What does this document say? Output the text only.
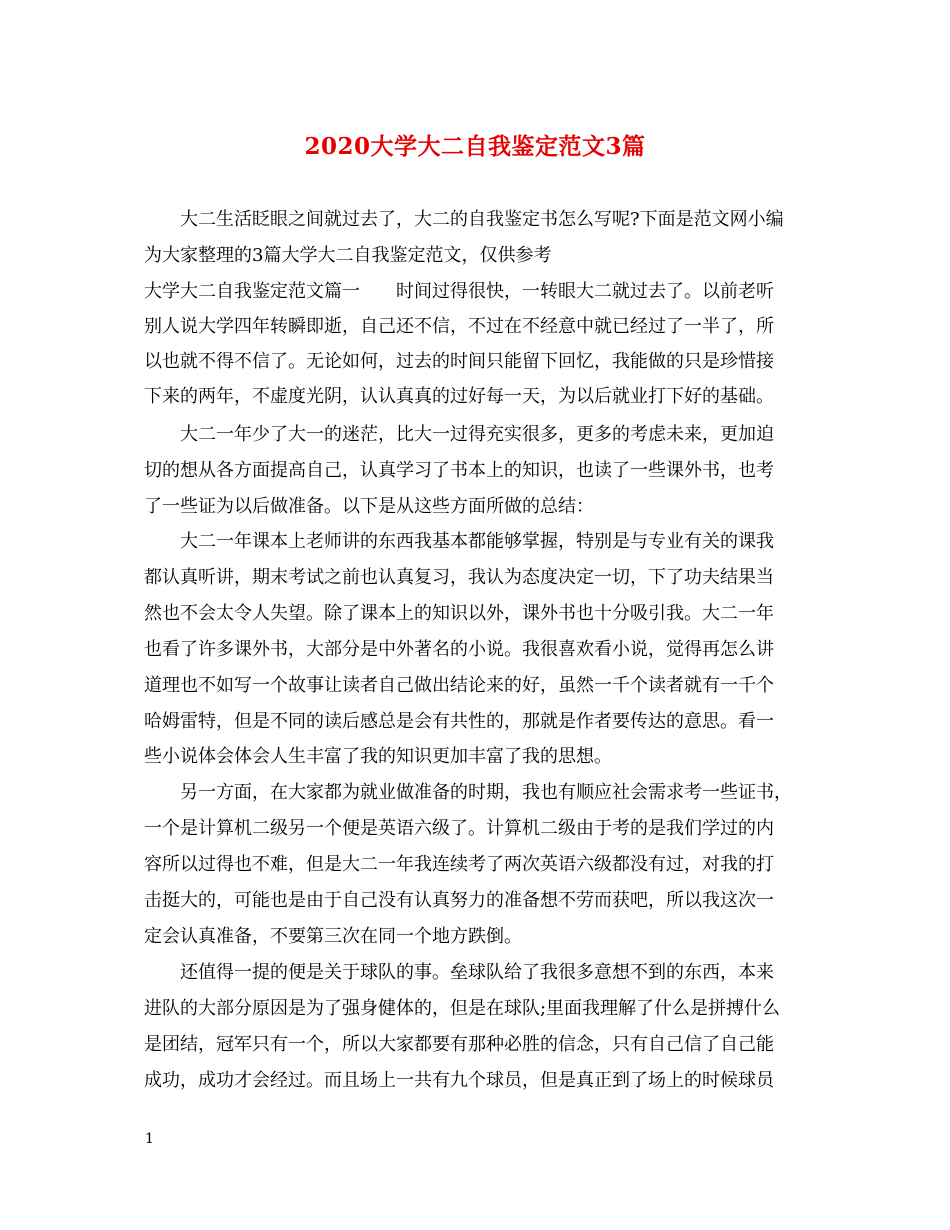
2020大学大二自我鉴定范文3篇
大二生活眨眼之间就过去了，大二的自我鉴定书怎么写呢?下面是范文网小编
为大家整理的3篇大学大二自我鉴定范文，仅供参考
大学大二自我鉴定范文篇一　　时间过得很快，一转眼大二就过去了。以前老听
别人说大学四年转瞬即逝，自己还不信，不过在不经意中就已经过了一半了，所
以也就不得不信了。无论如何，过去的时间只能留下回忆，我能做的只是珍惜接
下来的两年，不虚度光阴，认认真真的过好每一天，为以后就业打下好的基础。
大二一年少了大一的迷茫，比大一过得充实很多，更多的考虑未来，更加迫
切的想从各方面提高自己，认真学习了书本上的知识，也读了一些课外书，也考
了一些证为以后做准备。以下是从这些方面所做的总结：
大二一年课本上老师讲的东西我基本都能够掌握，特别是与专业有关的课我
都认真听讲，期末考试之前也认真复习，我认为态度决定一切，下了功夫结果当
然也不会太令人失望。除了课本上的知识以外，课外书也十分吸引我。大二一年
也看了许多课外书，大部分是中外著名的小说。我很喜欢看小说，觉得再怎么讲
道理也不如写一个故事让读者自己做出结论来的好，虽然一千个读者就有一千个
哈姆雷特，但是不同的读后感总是会有共性的，那就是作者要传达的意思。看一
些小说体会体会人生丰富了我的知识更加丰富了我的思想。
另一方面，在大家都为就业做准备的时期，我也有顺应社会需求考一些证书，
一个是计算机二级另一个便是英语六级了。计算机二级由于考的是我们学过的内
容所以过得也不难，但是大二一年我连续考了两次英语六级都没有过，对我的打
击挺大的，可能也是由于自己没有认真努力的准备想不劳而获吧，所以我这次一
定会认真准备，不要第三次在同一个地方跌倒。
还值得一提的便是关于球队的事。垒球队给了我很多意想不到的东西，本来
进队的大部分原因是为了强身健体的，但是在球队;里面我理解了什么是拼搏什么
是团结，冠军只有一个，所以大家都要有那种必胜的信念，只有自己信了自己能
成功，成功才会经过。而且场上一共有九个球员，但是真正到了场上的时候球员
1
